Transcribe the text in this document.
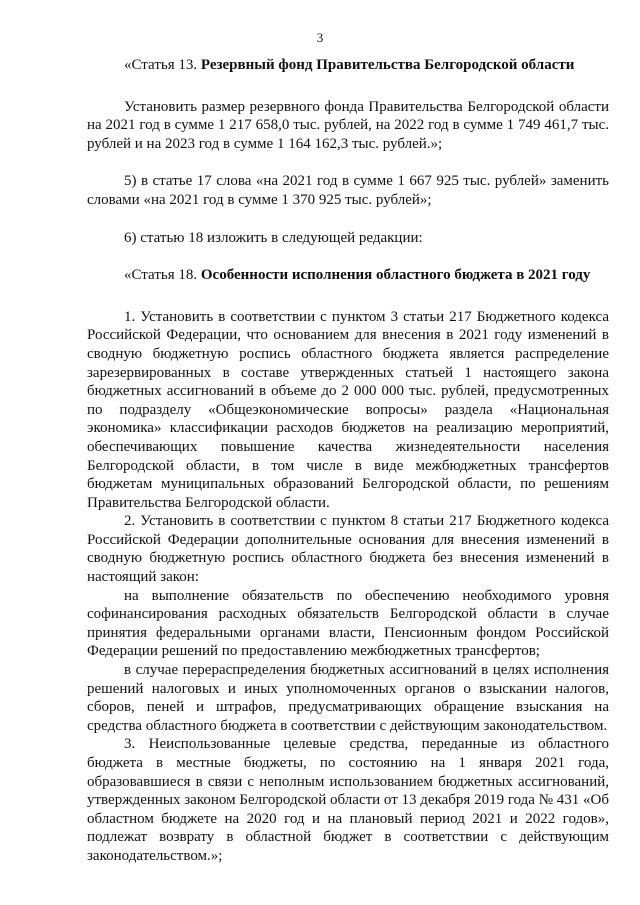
3

«Статья 13. Резервный фонд Правительства Белгородской области

Установить размер резервного фонда Правительства Белгородской области на 2021 год в сумме 1 217 658,0 тыс. рублей, на 2022 год в сумме 1 749 461,7 тыс. рублей и на 2023 год в сумме 1 164 162,3 тыс. рублей.»;

5) в статье 17 слова «на 2021 год в сумме 1 667 925 тыс. рублей» заменить словами «на 2021 год в сумме 1 370 925 тыс. рублей»;

6) статью 18 изложить в следующей редакции:

«Статья 18. Особенности исполнения областного бюджета в 2021 году

1. Установить в соответствии с пунктом 3 статьи 217 Бюджетного кодекса Российской Федерации, что основанием для внесения в 2021 году изменений в сводную бюджетную роспись областного бюджета является распределение зарезервированных в составе утвержденных статьей 1 настоящего закона бюджетных ассигнований в объеме до 2 000 000 тыс. рублей, предусмотренных по подразделу «Общеэкономические вопросы» раздела «Национальная экономика» классификации расходов бюджетов на реализацию мероприятий, обеспечивающих повышение качества жизнедеятельности населения Белгородской области, в том числе в виде межбюджетных трансфертов бюджетам муниципальных образований Белгородской области, по решениям Правительства Белгородской области.

2. Установить в соответствии с пунктом 8 статьи 217 Бюджетного кодекса Российской Федерации дополнительные основания для внесения изменений в сводную бюджетную роспись областного бюджета без внесения изменений в настоящий закон:

на выполнение обязательств по обеспечению необходимого уровня софинансирования расходных обязательств Белгородской области в случае принятия федеральными органами власти, Пенсионным фондом Российской Федерации решений по предоставлению межбюджетных трансфертов;

в случае перераспределения бюджетных ассигнований в целях исполнения решений налоговых и иных уполномоченных органов о взыскании налогов, сборов, пеней и штрафов, предусматривающих обращение взыскания на средства областного бюджета в соответствии с действующим законодательством.

3. Неиспользованные целевые средства, переданные из областного бюджета в местные бюджеты, по состоянию на 1 января 2021 года, образовавшиеся в связи с неполным использованием бюджетных ассигнований, утвержденных законом Белгородской области от 13 декабря 2019 года № 431 «Об областном бюджете на 2020 год и на плановый период 2021 и 2022 годов», подлежат возврату в областной бюджет в соответствии с действующим законодательством.»;
